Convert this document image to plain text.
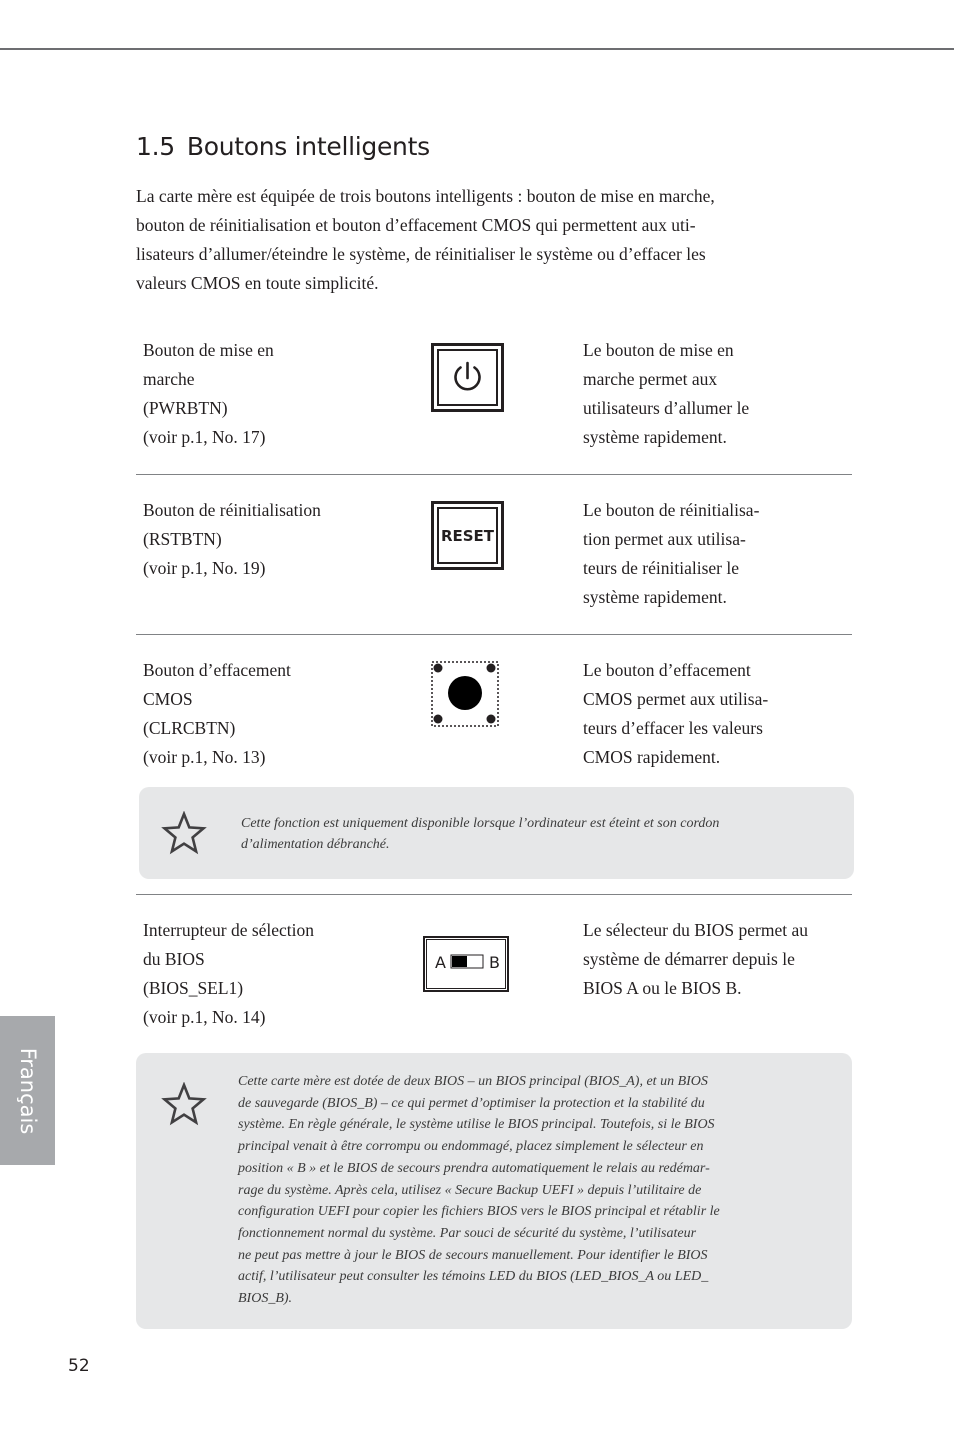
1.5 Boutons intelligents

La carte mère est équipée de trois boutons intelligents : bouton de mise en marche,
bouton de réinitialisation et bouton d’effacement CMOS qui permettent aux uti-
lisateurs d’allumer/éteindre le système, de réinitialiser le système ou d’effacer les
valeurs CMOS en toute simplicité.

Bouton de mise en
marche
(PWRBTN)
(voir p.1, No. 17)

Le bouton de mise en
marche permet aux
utilisateurs d’allumer le
système rapidement.

Bouton de réinitialisation
(RSTBTN)
(voir p.1, No. 19)

RESET

Le bouton de réinitialisa-
tion permet aux utilisa-
teurs de réinitialiser le
système rapidement.

Bouton d’effacement
CMOS
(CLRCBTN)
(voir p.1, No. 13)

Le bouton d’effacement
CMOS permet aux utilisa-
teurs d’effacer les valeurs
CMOS rapidement.

Cette fonction est uniquement disponible lorsque l’ordinateur est éteint et son cordon
d’alimentation débranché.

Interrupteur de sélection
du BIOS
(BIOS_SEL1)
(voir p.1, No. 14)

A	B

Le sélecteur du BIOS permet au
système de démarrer depuis le
BIOS A ou le BIOS B.

Cette carte mère est dotée de deux BIOS – un BIOS principal (BIOS_A), et un BIOS
de sauvegarde (BIOS_B) – ce qui permet d’optimiser la protection et la stabilité du
système. En règle générale, le système utilise le BIOS principal. Toutefois, si le BIOS
principal venait à être corrompu ou endommagé, placez simplement le sélecteur en
position « B » et le BIOS de secours prendra automatiquement le relais au redémar-
rage du système. Après cela, utilisez « Secure Backup UEFI » depuis l’utilitaire de
configuration UEFI pour copier les fichiers BIOS vers le BIOS principal et rétablir le
fonctionnement normal du système. Par souci de sécurité du système, l’utilisateur
ne peut pas mettre à jour le BIOS de secours manuellement. Pour identifier le BIOS
actif, l’utilisateur peut consulter les témoins LED du BIOS (LED_BIOS_A ou LED_
BIOS_B).

Français
52
